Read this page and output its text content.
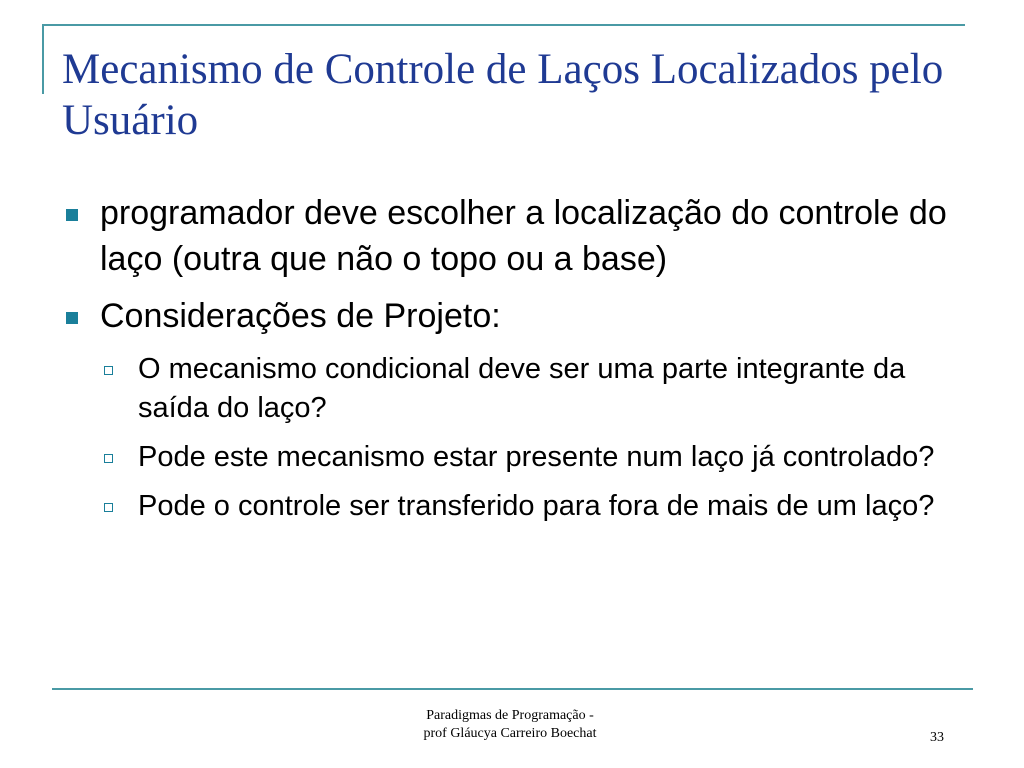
Mecanismo de Controle de Laços Localizados pelo Usuário
programador deve escolher a localização do controle do laço (outra que não o topo ou a base)
Considerações de Projeto:
O mecanismo condicional deve ser uma parte integrante da saída do laço?
Pode este mecanismo estar presente num laço já controlado?
Pode o controle ser transferido para fora de mais de um laço?
Paradigmas de Programação -
prof Gláucya Carreiro Boechat	33
